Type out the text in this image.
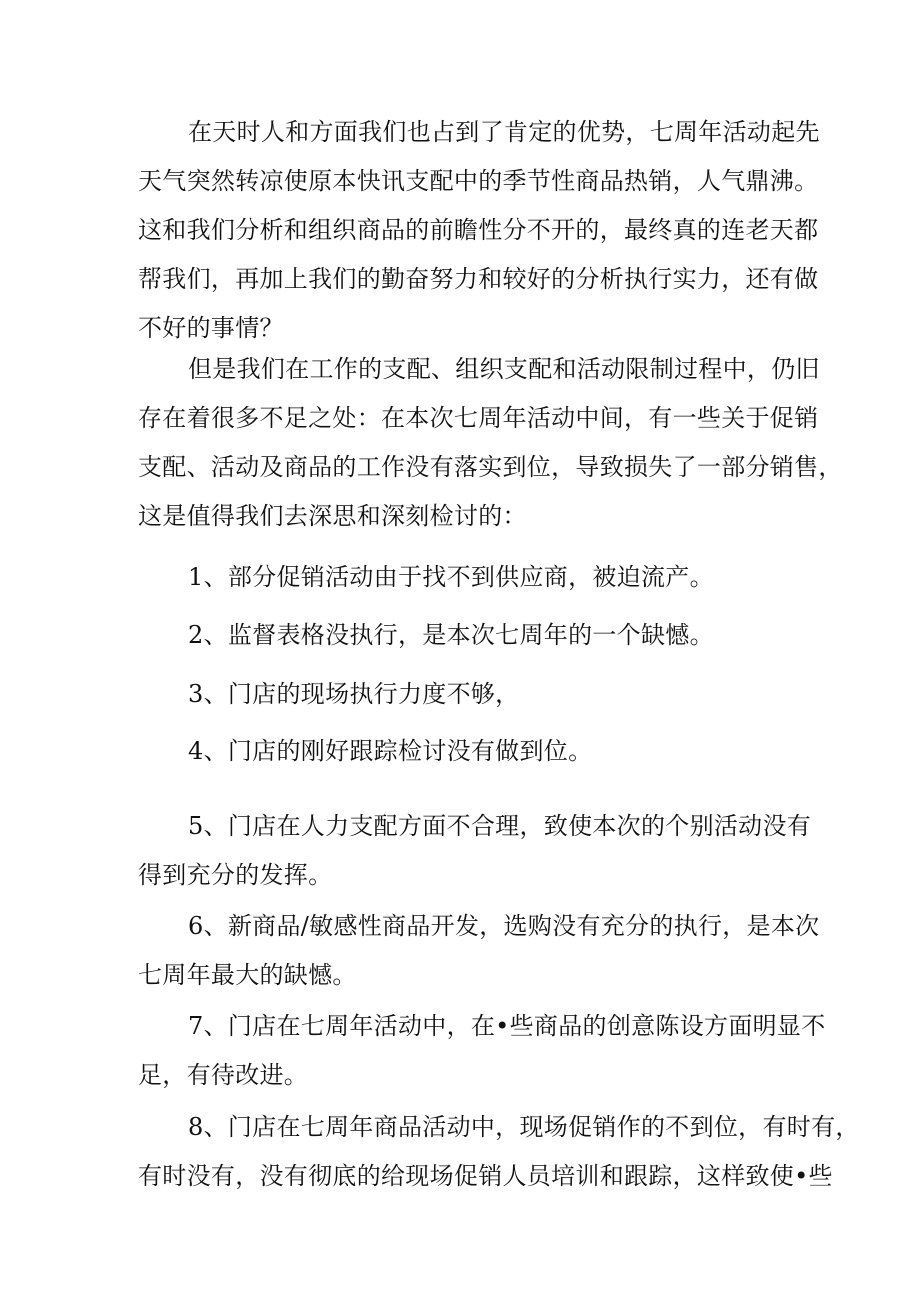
在天时人和方面我们也占到了肯定的优势，七周年活动起先
天气突然转凉使原本快讯支配中的季节性商品热销，人气鼎沸。
这和我们分析和组织商品的前瞻性分不开的，最终真的连老天都
帮我们，再加上我们的勤奋努力和较好的分析执行实力，还有做
不好的事情？
但是我们在工作的支配、组织支配和活动限制过程中，仍旧
存在着很多不足之处：在本次七周年活动中间，有一些关于促销
支配、活动及商品的工作没有落实到位，导致损失了一部分销售，
这是值得我们去深思和深刻检讨的：
1、部分促销活动由于找不到供应商，被迫流产。
2、监督表格没执行，是本次七周年的一个缺憾。
3、门店的现场执行力度不够，
4、门店的刚好跟踪检讨没有做到位。
5、门店在人力支配方面不合理，致使本次的个别活动没有
得到充分的发挥。
6、新商品/敏感性商品开发，选购没有充分的执行，是本次
七周年最大的缺憾。
7、门店在七周年活动中，在•些商品的创意陈设方面明显不
足，有待改进。
8、门店在七周年商品活动中，现场促销作的不到位，有时有，
有时没有，没有彻底的给现场促销人员培训和跟踪，这样致使•些
